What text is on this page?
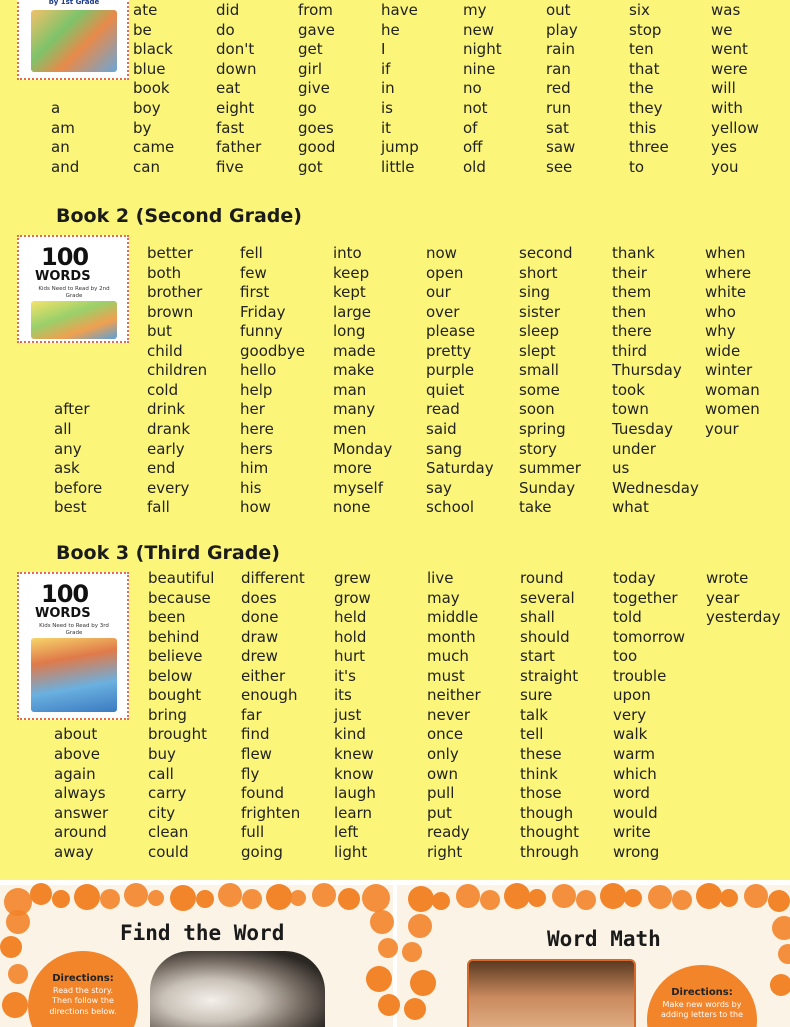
by 1st Grade
a
am
an
and
ate
be
black
blue
book
boy
by
came
can
did
do
don't
down
eat
eight
fast
father
five
from
gave
get
girl
give
go
goes
good
got
have
he
I
if
in
is
it
jump
little
my
new
night
nine
no
not
of
off
old
out
play
rain
ran
red
run
sat
saw
see
six
stop
ten
that
the
they
this
three
to
was
we
went
were
will
with
yellow
yes
you
Book 2 (Second Grade)
100
WORDS
Kids Need to Read by 2nd Grade
after
all
any
ask
before
best
better
both
brother
brown
but
child
children
cold
drink
drank
early
end
every
fall
fell
few
first
Friday
funny
goodbye
hello
help
her
here
hers
him
his
how
into
keep
kept
large
long
made
make
man
many
men
Monday
more
myself
none
now
open
our
over
please
pretty
purple
quiet
read
said
sang
Saturday
say
school
second
short
sing
sister
sleep
slept
small
some
soon
spring
story
summer
Sunday
take
thank
their
them
then
there
third
Thursday
took
town
Tuesday
under
us
Wednesday
what
when
where
white
who
why
wide
winter
woman
women
your
Book 3 (Third Grade)
100
WORDS
Kids Need to Read by 3rd Grade
about
above
again
always
answer
around
away
beautiful
because
been
behind
believe
below
bought
bring
brought
buy
call
carry
city
clean
could
different
does
done
draw
drew
either
enough
far
find
flew
fly
found
frighten
full
going
grew
grow
held
hold
hurt
it's
its
just
kind
knew
know
laugh
learn
left
light
live
may
middle
month
much
must
neither
never
once
only
own
pull
put
ready
right
round
several
shall
should
start
straight
sure
talk
tell
these
think
those
though
thought
through
today
together
told
tomorrow
too
trouble
upon
very
walk
warm
which
word
would
write
wrong
wrote
year
yesterday
Find the Word
Directions:
Read the story. Then follow the directions below.
Word Math
Directions:
Make new words by adding letters to the
